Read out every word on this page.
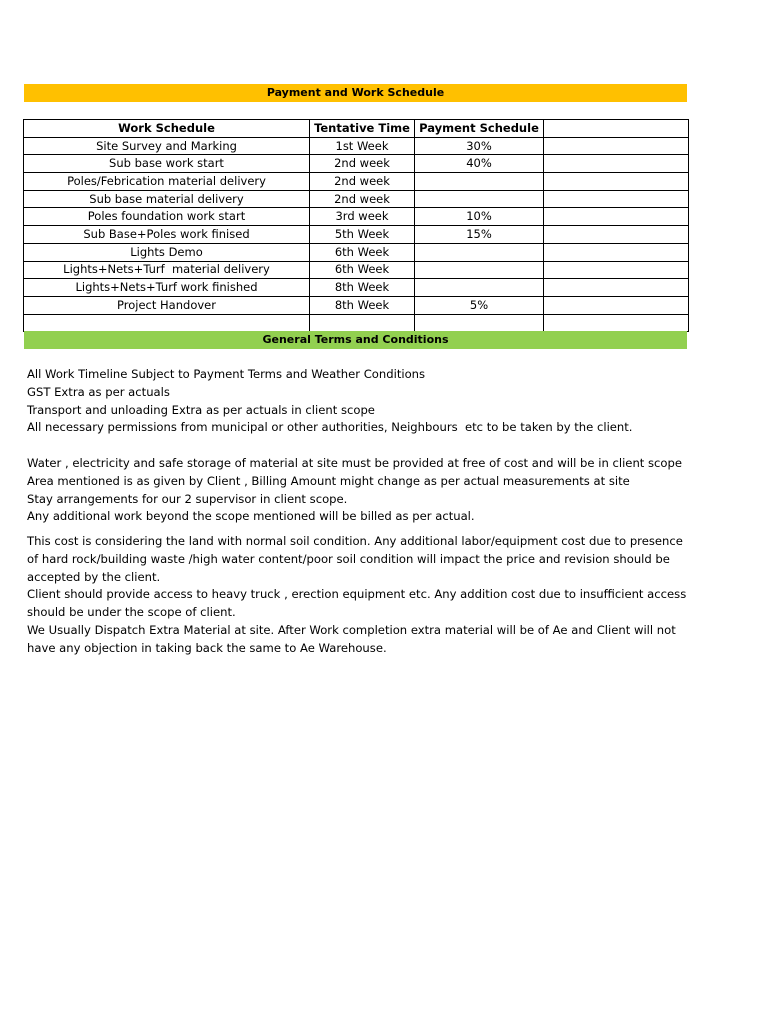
Payment and Work Schedule
Work Schedule	Tentative Time	Payment Schedule	
Site Survey and Marking	1st Week	30%	
Sub base work start	2nd week	40%	
Poles/Febrication material delivery	2nd week		
Sub base material delivery	2nd week		
Poles foundation work start	3rd week	10%	
Sub Base+Poles work finised	5th Week	15%	
Lights Demo	6th Week		
Lights+Nets+Turf  material delivery	6th Week		
Lights+Nets+Turf work finished	8th Week		
Project Handover	8th Week	5%	

General Terms and Conditions

All Work Timeline Subject to Payment Terms and Weather Conditions

GST Extra as per actuals

Transport and unloading Extra as per actuals in client scope

All necessary permissions from municipal or other authorities, Neighbours  etc to be taken by the client.

Water , electricity and safe storage of material at site must be provided at free of cost and will be in client scope

Area mentioned is as given by Client , Billing Amount might change as per actual measurements at site

Stay arrangements for our 2 supervisor in client scope.

Any additional work beyond the scope mentioned will be billed as per actual.

This cost is considering the land with normal soil condition. Any additional labor/equipment cost due to presence of hard rock/building waste /high water content/poor soil condition will impact the price and revision should be accepted by the client.

Client should provide access to heavy truck , erection equipment etc. Any addition cost due to insufficient access should be under the scope of client.

We Usually Dispatch Extra Material at site. After Work completion extra material will be of Ae and Client will not have any objection in taking back the same to Ae Warehouse.
